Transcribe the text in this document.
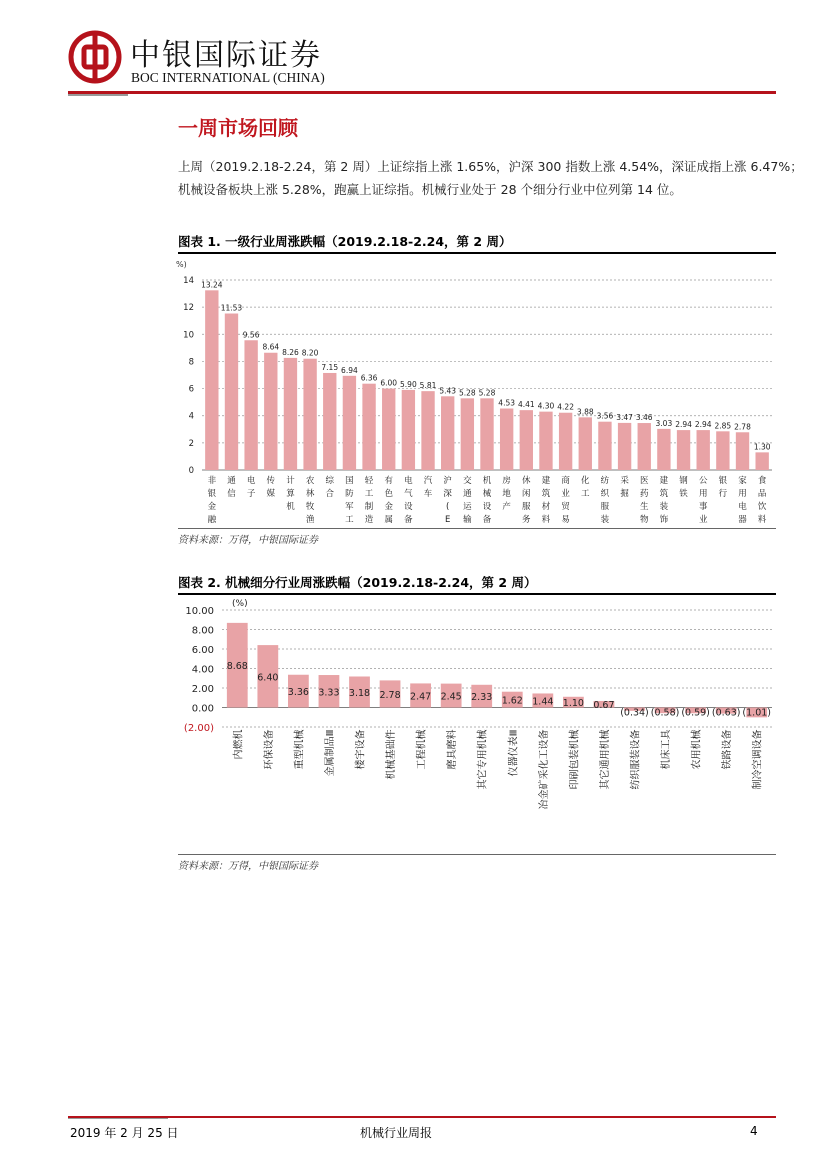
中银国际证券
BOC INTERNATIONAL (CHINA)
一周市场回顾
上周（2019.2.18-2.24，第 2 周）上证综指上涨 1.65%，沪深 300 指数上涨 4.54%，深证成指上涨 6.47%；
机械设备板块上涨 5.28%，跑赢上证综指。机械行业处于 28 个细分行业中位列第 14 位。
图表 1. 一级行业周涨跌幅（2019.2.18-2.24，第 2 周）
%)
0
2
4
6
8
10
12
14 13.24
非
银
金
融
11.53
通
信
9.56
电
子
8.64
传
媒
8.26
计
算
机
8.20
农
林
牧
渔
7.15
综
合
6.94
国
防
军
工
6.36
轻
工
制
造
6.00
有
色
金
属
5.90
电
气
设
备
5.81
汽
车
5.43
沪
深
(
E
5.28
交
通
运
输
5.28
机
械
设
备
4.53
房
地
产
4.41
休
闲
服
务
4.30
建
筑
材
料
4.22
商
业
贸
易
3.88
化
工
3.56
纺
织
服
装
3.47
采
掘
3.46
医
药
生
物
3.03
建
筑
装
饰
2.94
钢
铁
2.94
公
用
事
业
2.85
银
行
2.78
家
用
电
器
1.30
食
品
饮
料
资料来源：万得，中银国际证券
图表 2. 机械细分行业周涨跌幅（2019.2.18-2.24，第 2 周）
(%)
(2.00)
0.00
2.00
4.00
6.00
8.00
10.00
8.68
内燃机
6.40
环保设备
3.36
重型机械
3.33
金属制品Ⅲ
3.18
楼宇设备
2.78
机械基础件
2.47
工程机械
2.45
磨具磨料
2.33
其它专用机械
1.62
仪器仪表Ⅲ
1.44
冶金矿采化工设备
1.10
印刷包装机械
0.67
其它通用机械
(0.34)
纺织服装设备
(0.58)
机床工具
(0.59)
农用机械
(0.63)
铁路设备
(1.01)
制冷空调设备
资料来源：万得，中银国际证券
2019 年 2 月 25 日	机械行业周报	4
